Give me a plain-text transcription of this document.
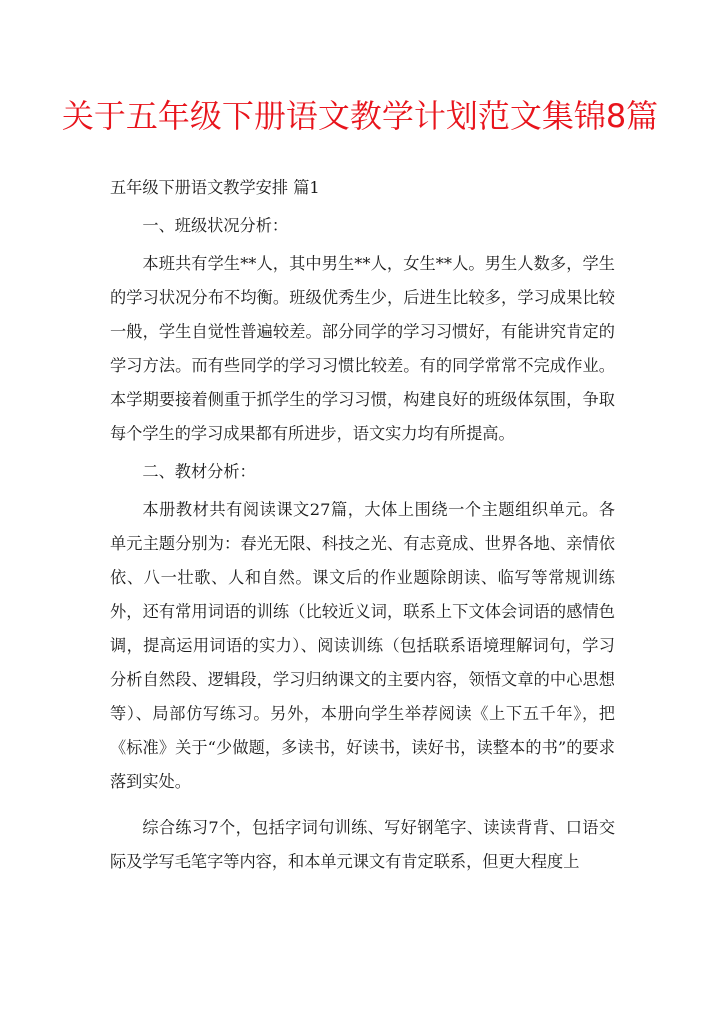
关于五年级下册语文教学计划范文集锦8篇

五年级下册语文教学安排 篇1

一、班级状况分析：

本班共有学生**人，其中男生**人，女生**人。男生人数多，学生的学习状况分布不均衡。班级优秀生少，后进生比较多，学习成果比较一般，学生自觉性普遍较差。部分同学的学习习惯好，有能讲究肯定的学习方法。而有些同学的学习习惯比较差。有的同学常常不完成作业。本学期要接着侧重于抓学生的学习习惯，构建良好的班级体氛围，争取每个学生的学习成果都有所进步，语文实力均有所提高。

二、教材分析：

本册教材共有阅读课文27篇，大体上围绕一个主题组织单元。各单元主题分别为：春光无限、科技之光、有志竟成、世界各地、亲情依依、八一壮歌、人和自然。课文后的作业题除朗读、临写等常规训练外，还有常用词语的训练（比较近义词，联系上下文体会词语的感情色调，提高运用词语的实力）、阅读训练（包括联系语境理解词句，学习分析自然段、逻辑段，学习归纳课文的主要内容，领悟文章的中心思想等）、局部仿写练习。另外，本册向学生举荐阅读《上下五千年》，把《标准》关于“少做题，多读书，好读书，读好书，读整本的书”的要求落到实处。

综合练习7个，包括字词句训练、写好钢笔字、读读背背、口语交际及学写毛笔字等内容，和本单元课文有肯定联系，但更大程度上
